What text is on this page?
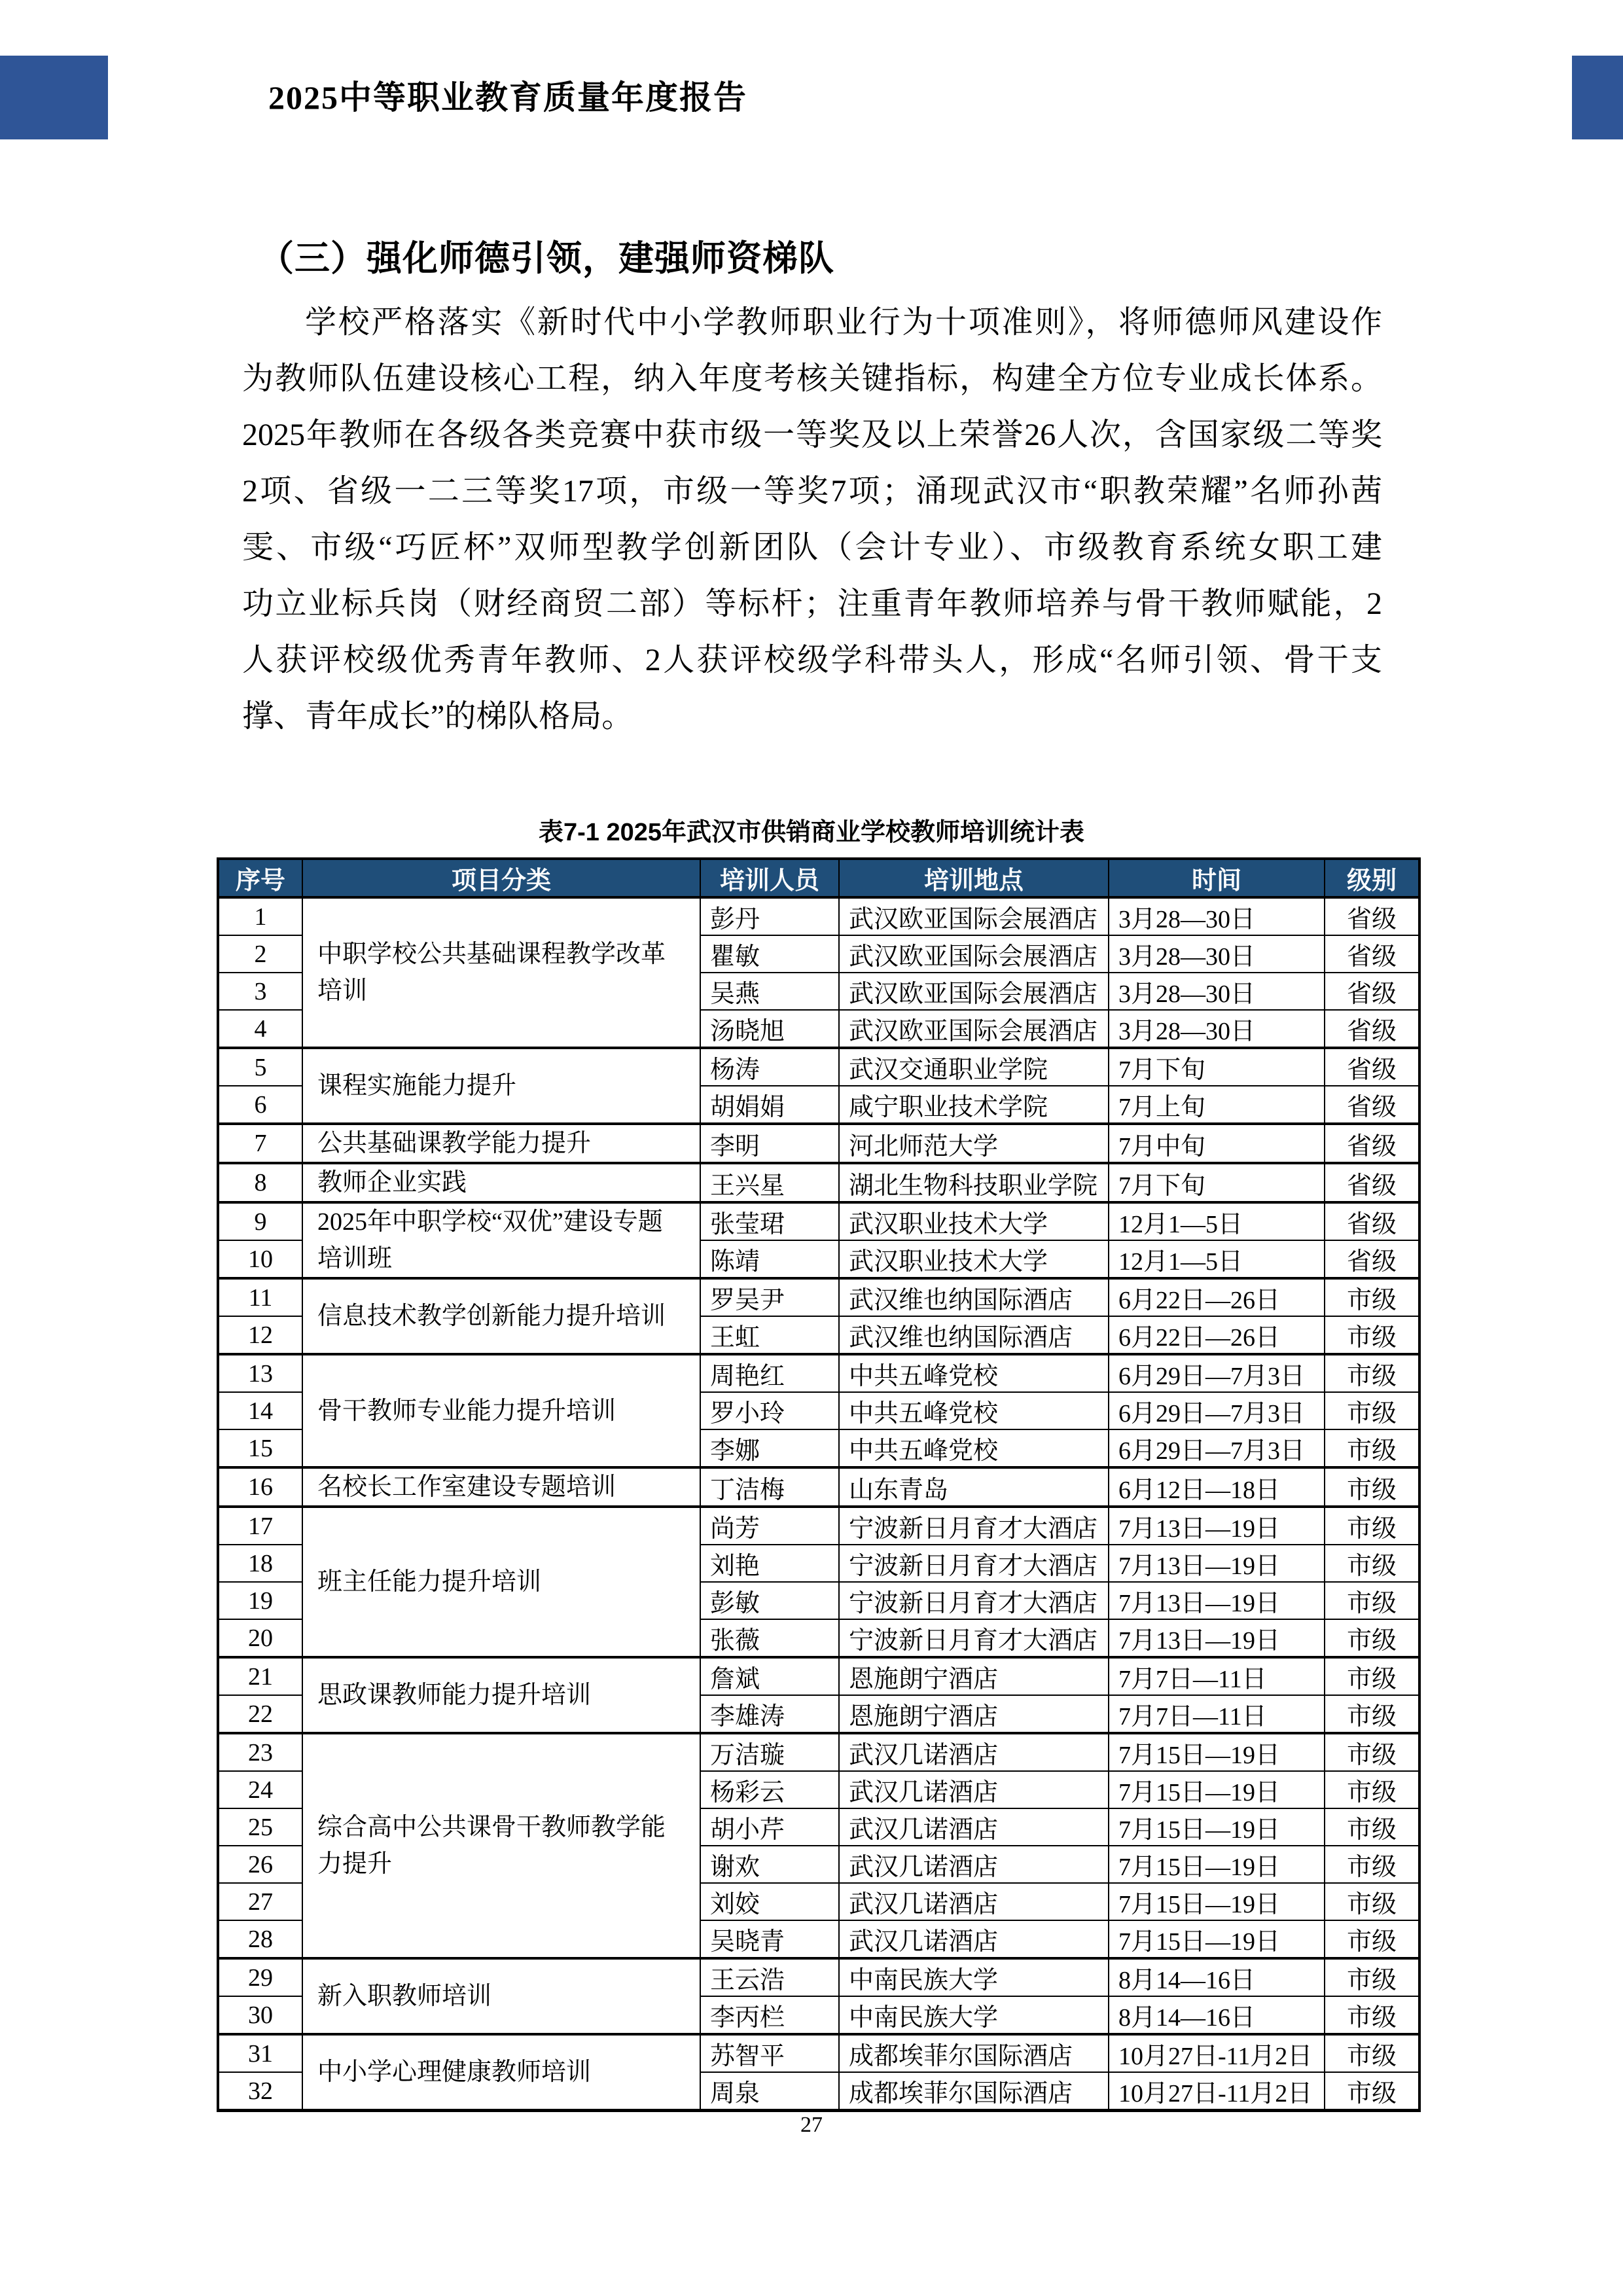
2025中等职业教育质量年度报告
（三）强化师德引领，建强师资梯队
学校严格落实《新时代中小学教师职业行为十项准则》，将师德师风建设作
为教师队伍建设核心工程，纳入年度考核关键指标，构建全方位专业成长体系。
2025年教师在各级各类竞赛中获市级一等奖及以上荣誉26人次，含国家级二等奖
2项、省级一二三等奖17项，市级一等奖7项；涌现武汉市“职教荣耀”名师孙茜
雯、市级“巧匠杯”双师型教学创新团队（会计专业）、市级教育系统女职工建
功立业标兵岗（财经商贸二部）等标杆；注重青年教师培养与骨干教师赋能，2
人获评校级优秀青年教师、2人获评校级学科带头人，形成“名师引领、骨干支
撑、青年成长”的梯队格局。
表7-1 2025年武汉市供销商业学校教师培训统计表
序号	项目分类	培训人员	培训地点	时间	级别
1	中职学校公共基础课程教学改革培训	彭丹	武汉欧亚国际会展酒店	3月28—30日	省级
2		瞿敏	武汉欧亚国际会展酒店	3月28—30日	省级
3		吴燕	武汉欧亚国际会展酒店	3月28—30日	省级
4		汤晓旭	武汉欧亚国际会展酒店	3月28—30日	省级
5	课程实施能力提升	杨涛	武汉交通职业学院	7月下旬	省级
6		胡娟娟	咸宁职业技术学院	7月上旬	省级
7	公共基础课教学能力提升	李明	河北师范大学	7月中旬	省级
8	教师企业实践	王兴星	湖北生物科技职业学院	7月下旬	省级
9	2025年中职学校“双优”建设专题培训班	张莹珺	武汉职业技术大学	12月1—5日	省级
10		陈靖	武汉职业技术大学	12月1—5日	省级
11	信息技术教学创新能力提升培训	罗吴尹	武汉维也纳国际酒店	6月22日—26日	市级
12		王虹	武汉维也纳国际酒店	6月22日—26日	市级
13	骨干教师专业能力提升培训	周艳红	中共五峰党校	6月29日—7月3日	市级
14		罗小玲	中共五峰党校	6月29日—7月3日	市级
15		李娜	中共五峰党校	6月29日—7月3日	市级
16	名校长工作室建设专题培训	丁洁梅	山东青岛	6月12日—18日	市级
17	班主任能力提升培训	尚芳	宁波新日月育才大酒店	7月13日—19日	市级
18		刘艳	宁波新日月育才大酒店	7月13日—19日	市级
19		彭敏	宁波新日月育才大酒店	7月13日—19日	市级
20		张薇	宁波新日月育才大酒店	7月13日—19日	市级
21	思政课教师能力提升培训	詹斌	恩施朗宁酒店	7月7日—11日	市级
22		李雄涛	恩施朗宁酒店	7月7日—11日	市级
23	综合高中公共课骨干教师教学能力提升	万洁璇	武汉几诺酒店	7月15日—19日	市级
24		杨彩云	武汉几诺酒店	7月15日—19日	市级
25		胡小芹	武汉几诺酒店	7月15日—19日	市级
26		谢欢	武汉几诺酒店	7月15日—19日	市级
27		刘姣	武汉几诺酒店	7月15日—19日	市级
28		吴晓青	武汉几诺酒店	7月15日—19日	市级
29	新入职教师培训	王云浩	中南民族大学	8月14—16日	市级
30		李丙栏	中南民族大学	8月14—16日	市级
31	中小学心理健康教师培训	苏智平	成都埃菲尔国际酒店	10月27日-11月2日	市级
32		周泉	成都埃菲尔国际酒店	10月27日-11月2日	市级
27
